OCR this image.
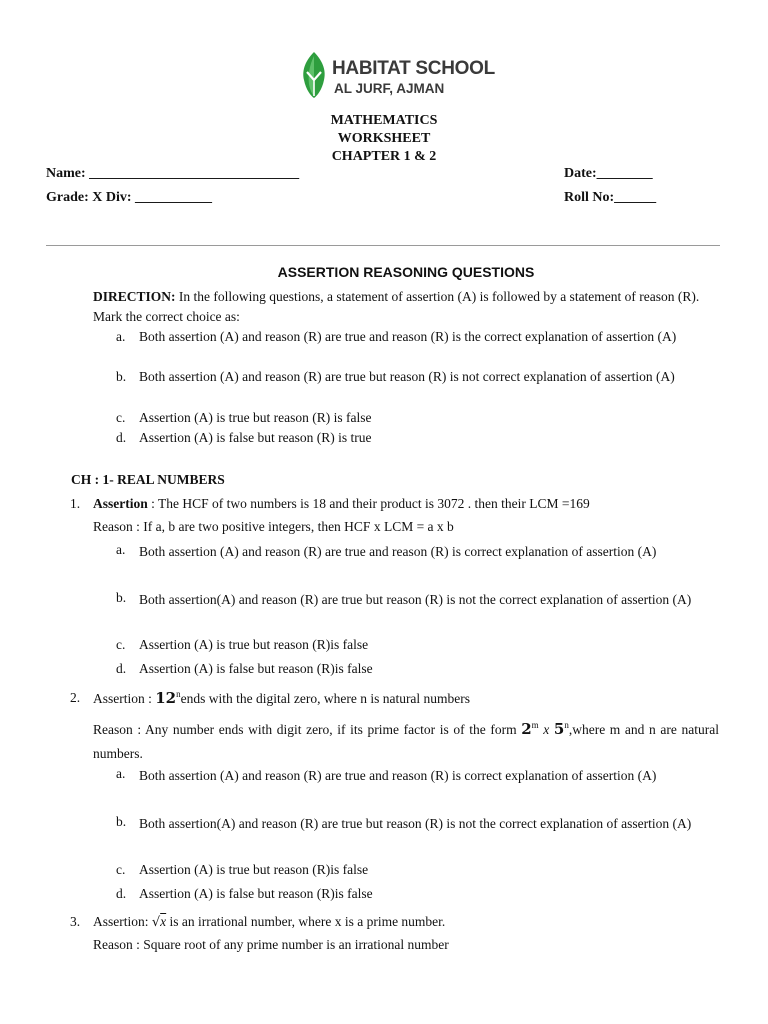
HABITAT SCHOOL
AL JURF, AJMAN
MATHEMATICS
WORKSHEET
CHAPTER 1 & 2
Name: ______________________________	Date:________
Grade: X Div: ___________	Roll No:______
ASSERTION REASONING QUESTIONS
DIRECTION: In the following questions, a statement of assertion (A) is followed by a statement of reason (R). Mark the correct choice as:
a.	Both assertion (A) and reason (R) are true and reason (R) is the correct explanation of assertion (A)
b. Both assertion (A) and reason (R) are true but reason (R) is not correct explanation of assertion (A)
c.	Assertion (A) is true but reason (R) is false
d. Assertion (A) is false but reason (R) is true
CH : 1- REAL NUMBERS
1. Assertion : The HCF of two numbers is 18 and their product is 3072 . then their LCM =169
Reason : If a, b are two positive integers, then HCF x LCM = a x b
a. Both assertion (A) and reason (R) are true and reason (R) is correct explanation of assertion (A)
b. Both assertion(A) and reason (R) are true but reason (R) is not the correct explanation of assertion (A)
c. Assertion (A) is true but reason (R)is false
d. Assertion (A) is false but reason (R)is false
2. Assertion : 12$^n$ends with the digital zero, where n is natural numbers
Reason : Any number ends with digit zero, if its prime factor is of the form 2$^m$ x 5$^n$,where m and n are natural numbers.
a. Both assertion (A) and reason (R) are true and reason (R) is correct explanation of assertion (A)
b. Both assertion(A) and reason (R) are true but reason (R) is not the correct explanation of assertion (A)
c. Assertion (A) is true but reason (R)is false
d. Assertion (A) is false but reason (R)is false
3. Assertion: √x is an irrational number, where x is a prime number.
Reason : Square root of any prime number is an irrational number
